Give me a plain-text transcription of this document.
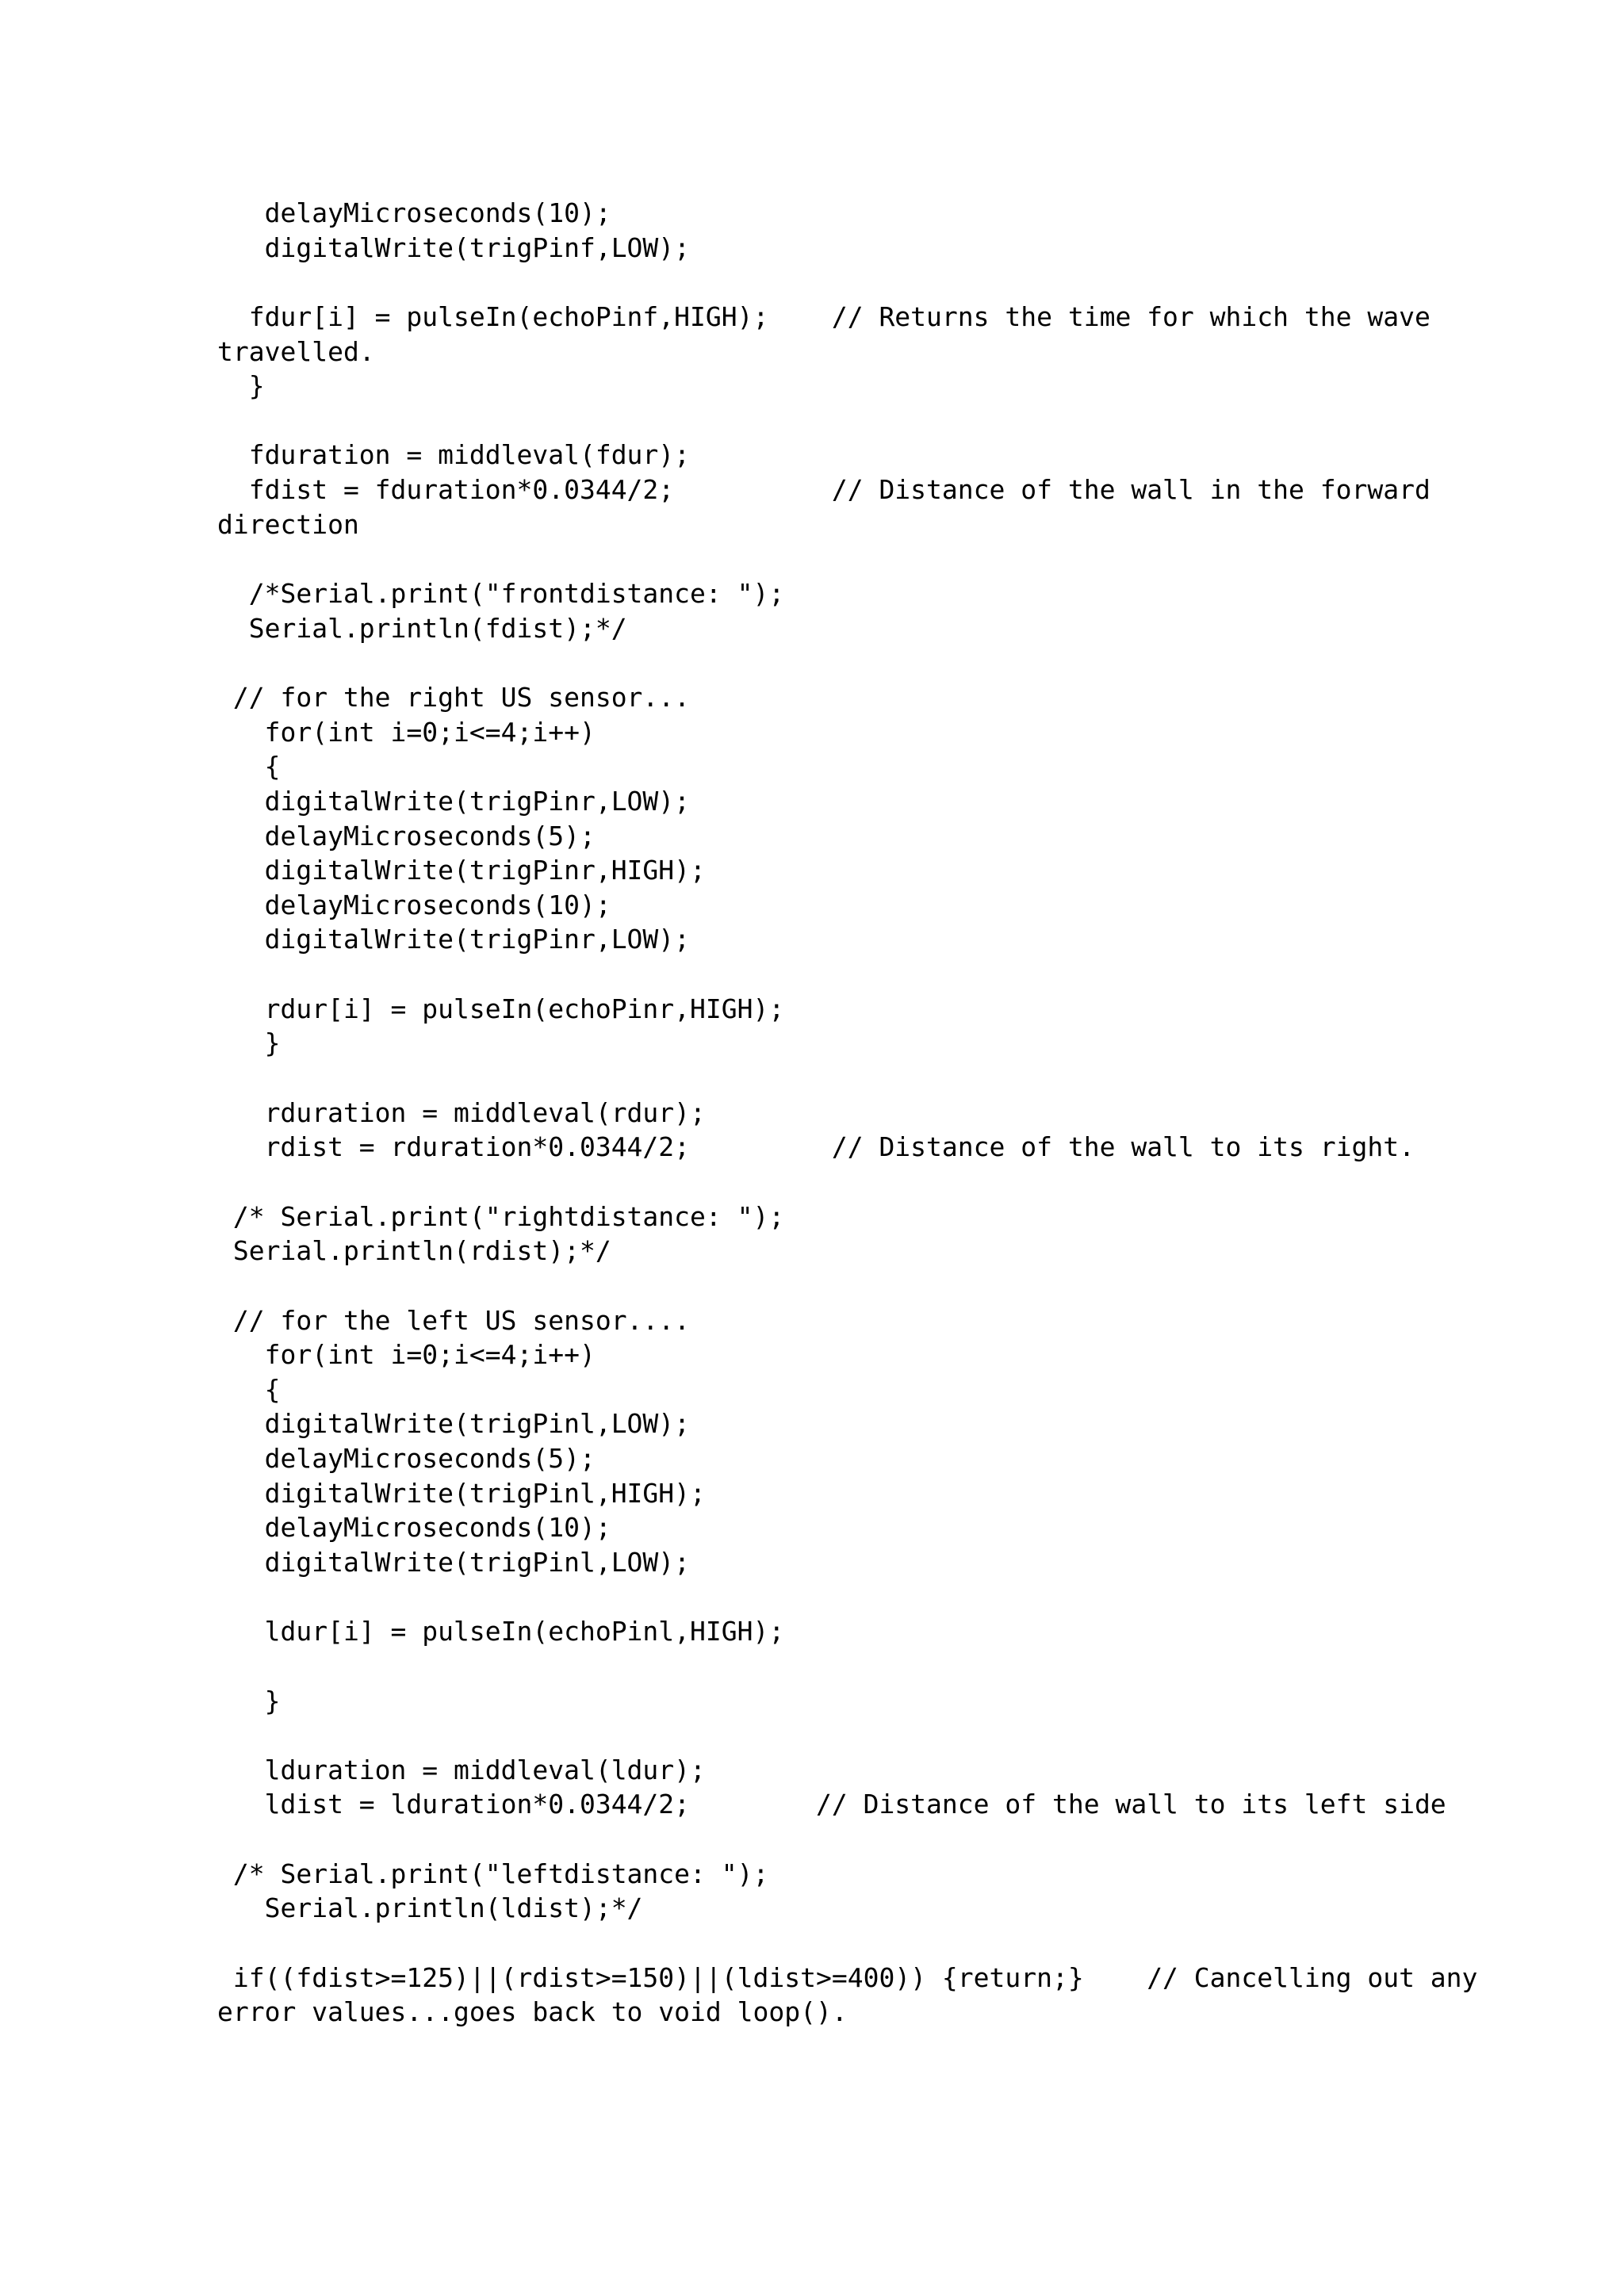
delayMicroseconds(10);
digitalWrite(trigPinf,LOW);
fdur[i] = pulseIn(echoPinf,HIGH);    // Returns the time for which the wave
travelled.
}
fduration = middleval(fdur);
fdist = fduration*0.0344/2;          // Distance of the wall in the forward
direction
/*Serial.print("frontdistance: ");
Serial.println(fdist);*/
// for the right US sensor...
for(int i=0;i<=4;i++)
{
digitalWrite(trigPinr,LOW);
delayMicroseconds(5);
digitalWrite(trigPinr,HIGH);
delayMicroseconds(10);
digitalWrite(trigPinr,LOW);
rdur[i] = pulseIn(echoPinr,HIGH);
}
rduration = middleval(rdur);
rdist = rduration*0.0344/2;         // Distance of the wall to its right.
/* Serial.print("rightdistance: ");
Serial.println(rdist);*/
// for the left US sensor....
for(int i=0;i<=4;i++)
{
digitalWrite(trigPinl,LOW);
delayMicroseconds(5);
digitalWrite(trigPinl,HIGH);
delayMicroseconds(10);
digitalWrite(trigPinl,LOW);
ldur[i] = pulseIn(echoPinl,HIGH);
}
lduration = middleval(ldur);
ldist = lduration*0.0344/2;        // Distance of the wall to its left side
/* Serial.print("leftdistance: ");
Serial.println(ldist);*/
if((fdist>=125)||(rdist>=150)||(ldist>=400)) {return;}    // Cancelling out any
error values...goes back to void loop().
